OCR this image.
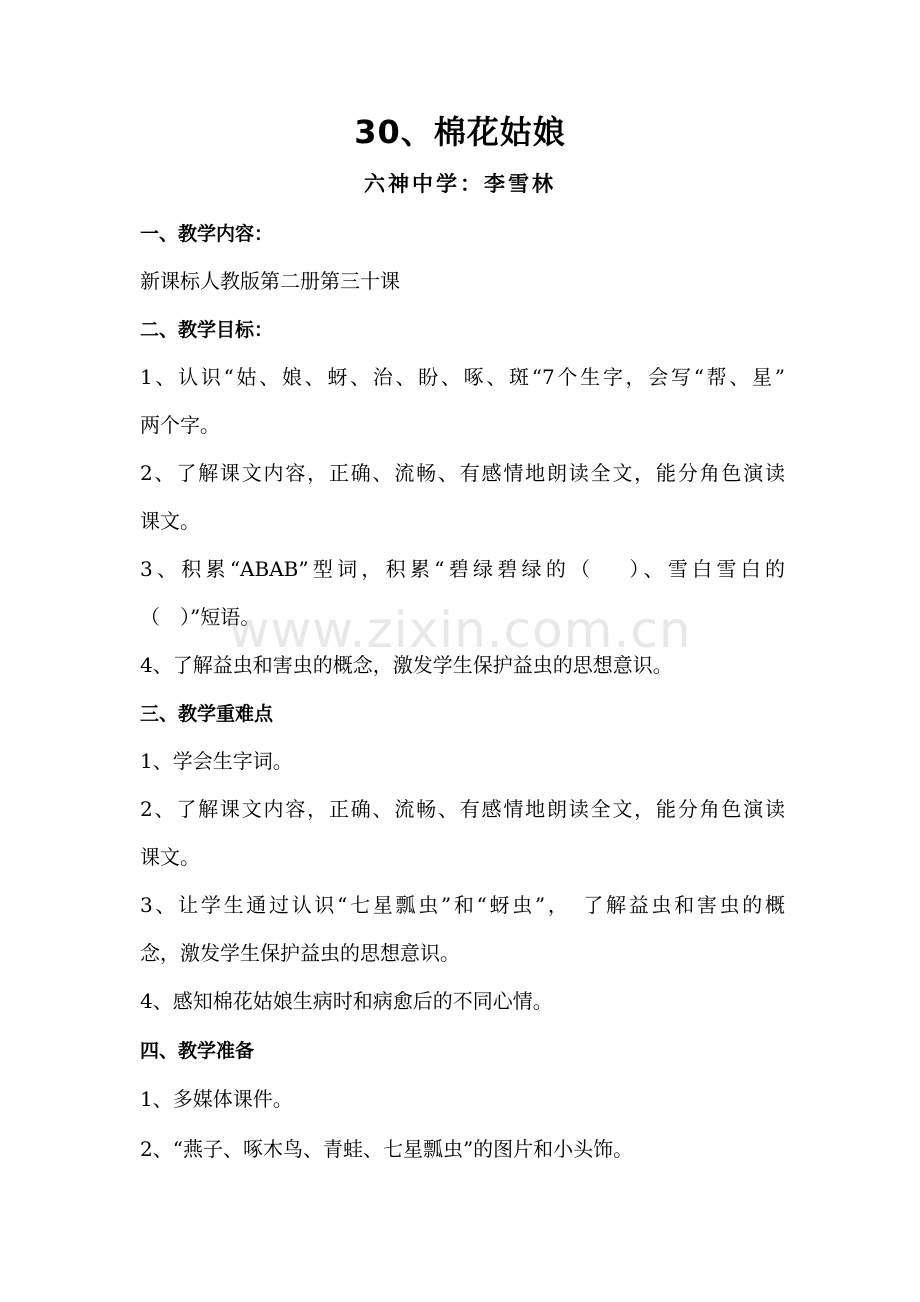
30、棉花姑娘
六神中学：李雪林
一、教学内容：
新课标人教版第二册第三十课
二、教学目标：
1、认识“姑、娘、蚜、治、盼、啄、斑“7个生字，会写“帮、星”
两个字。
2、了解课文内容，正确、流畅、有感情地朗读全文，能分角色演读
课文。
3、积累“ABAB”型词，积累“碧绿碧绿的（　 ）、雪白雪白的
（　）”短语。
4、了解益虫和害虫的概念，激发学生保护益虫的思想意识。
三、教学重难点
1、学会生字词。
2、了解课文内容，正确、流畅、有感情地朗读全文，能分角色演读
课文。
3、让学生通过认识“七星瓢虫”和“蚜虫”，　了解益虫和害虫的概
念，激发学生保护益虫的思想意识。
4、感知棉花姑娘生病时和病愈后的不同心情。
四、教学准备
1、多媒体课件。
2、“燕子、啄木鸟、青蛙、七星瓢虫”的图片和小头饰。
www.zixin.com.cn
